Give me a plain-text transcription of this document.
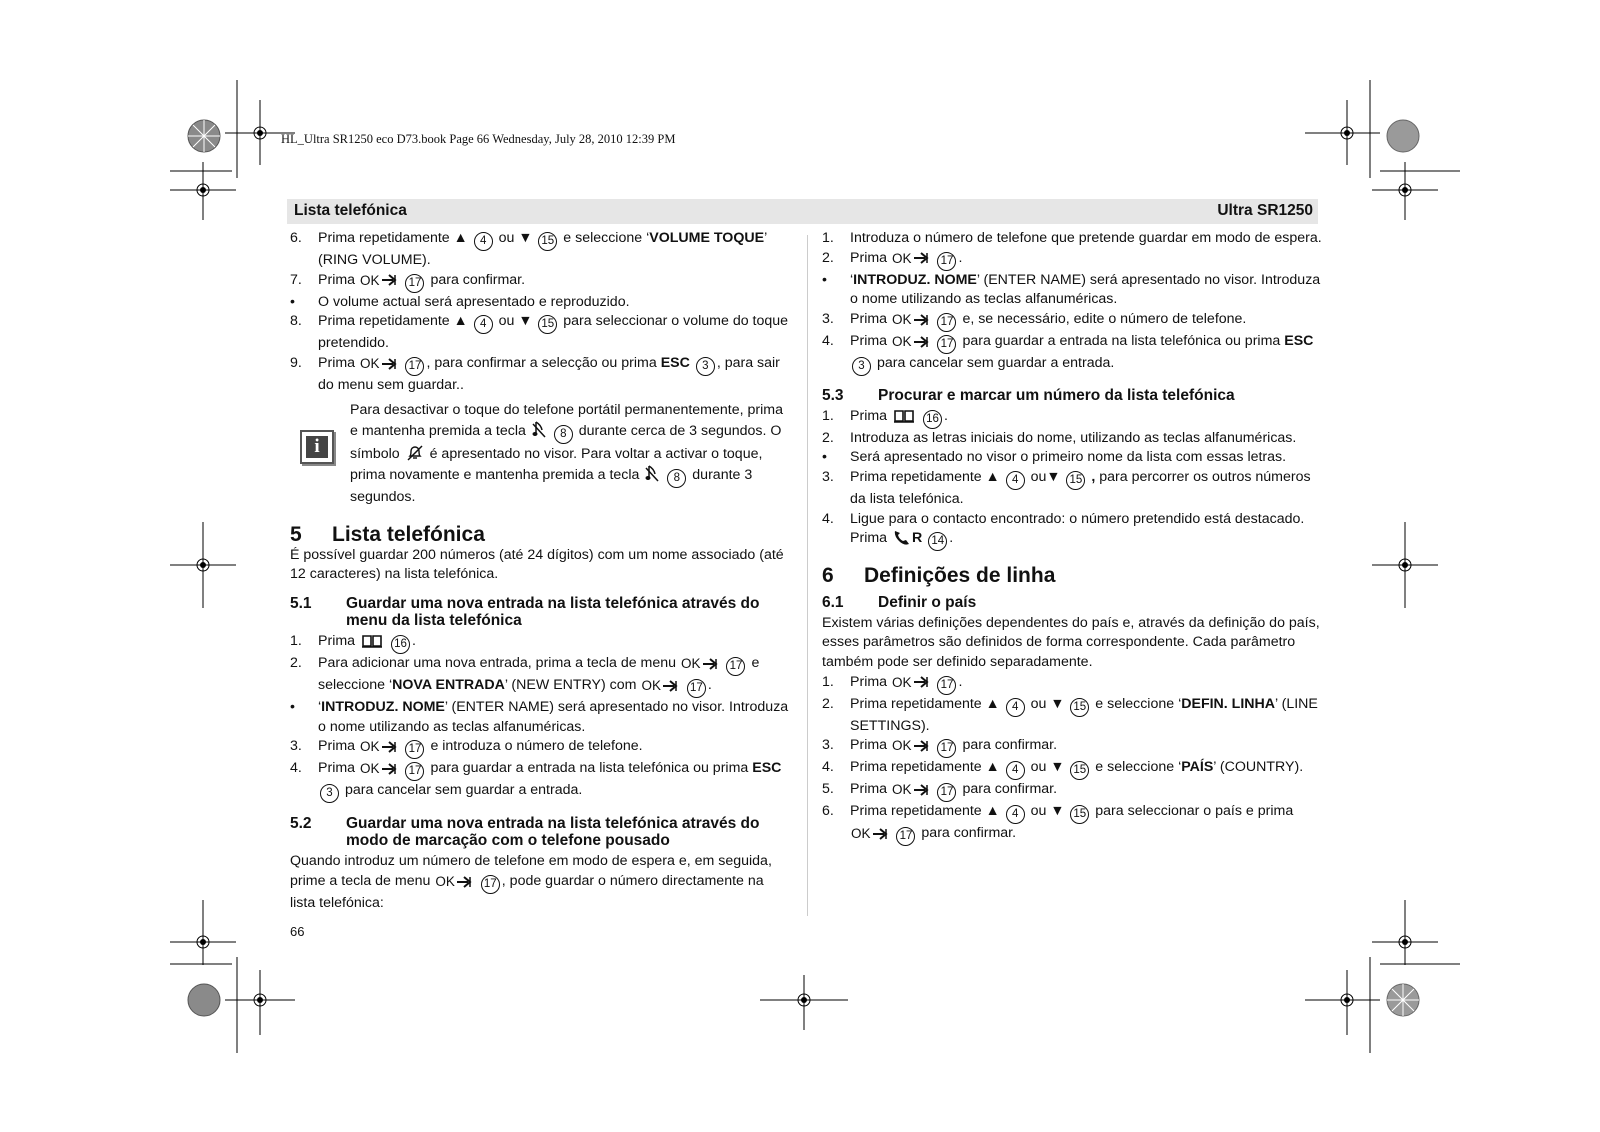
HL_Ultra SR1250 eco D73.book Page 66 Wednesday, July 28, 2010 12:39 PM
Lista telefónica	Ultra SR1250
6. Prima repetidamente ▲ 4 ou ▼ 15 e seleccione ‘VOLUME TOQUE’ (RING VOLUME).
7. Prima OK	17 para confirmar.
• O volume actual será apresentado e reproduzido.
8. Prima repetidamente ▲ 4 ou ▼ 15 para seleccionar o volume do toque pretendido.
9. Prima OK	17 , para confirmar a selecção ou prima ESC 3 , para sair do menu sem guardar..
i
Para desactivar o toque do telefone portátil permanentemente, prima e mantenha premida a tecla	8 durante cerca de 3 segundos. O símbolo é apresentado no visor. Para voltar a activar o toque, prima novamente e mantenha premida a tecla	8 durante 3 segundos.
5	Lista telefónica

É possível guardar 200 números (até 24 dígitos) com um nome associado (até 12 caracteres) na lista telefónica.

5.1	Guardar uma nova entrada na lista telefónica através do menu da lista telefónica
1. Prima	16 .
2. Para adicionar uma nova entrada, prima a tecla de menu OK	17 e seleccione ‘NOVA ENTRADA’ (NEW ENTRY) com OK	17 .
• ‘INTRODUZ. NOME’ (ENTER NAME) será apresentado no visor. Introduza o nome utilizando as teclas alfanuméricas.
3. Prima OK	17 e introduza o número de telefone.
4. Prima OK	17 para guardar a entrada na lista telefónica ou prima ESC 3 para cancelar sem guardar a entrada.
5.2	Guardar uma nova entrada na lista telefónica através do modo de marcação com o telefone pousado

Quando introduz um número de telefone em modo de espera e, em seguida, prime a tecla de menu OK	17 , pode guardar o número directamente na lista telefónica:

1. Introduza o número de telefone que pretende guardar em modo de espera.
2. Prima OK	17 .
• ‘INTRODUZ. NOME’ (ENTER NAME) será apresentado no visor. Introduza o nome utilizando as teclas alfanuméricas.
3. Prima OK	17 e, se necessário, edite o número de telefone.
4. Prima OK	17 para guardar a entrada na lista telefónica ou prima ESC 3 para cancelar sem guardar a entrada.
5.3	Procurar e marcar um número da lista telefónica
1. Prima	16 .
2. Introduza as letras iniciais do nome, utilizando as teclas alfanuméricas.
• Será apresentado no visor o primeiro nome da lista com essas letras.
3. Prima repetidamente ▲ 4 ou▼ 15 , para percorrer os outros números da lista telefónica.
4. Ligue para o contacto encontrado: o número pretendido está destacado. Prima R 14 .
6	Definições de linha
6.1	Definir o país

Existem várias definições dependentes do país e, através da definição do país, esses parâmetros são definidos de forma correspondente. Cada parâmetro também pode ser definido separadamente.

1. Prima OK	17 .
2. Prima repetidamente ▲ 4 ou ▼ 15 e seleccione ‘DEFIN. LINHA’ (LINE SETTINGS).
3. Prima OK	17 para confirmar.
4. Prima repetidamente ▲ 4 ou ▼ 15 e seleccione ‘PAÍS’ (COUNTRY).
5. Prima OK	17 para confirmar.
6. Prima repetidamente ▲ 4 ou ▼ 15 para seleccionar o país e prima
OK	17 para confirmar.
66
